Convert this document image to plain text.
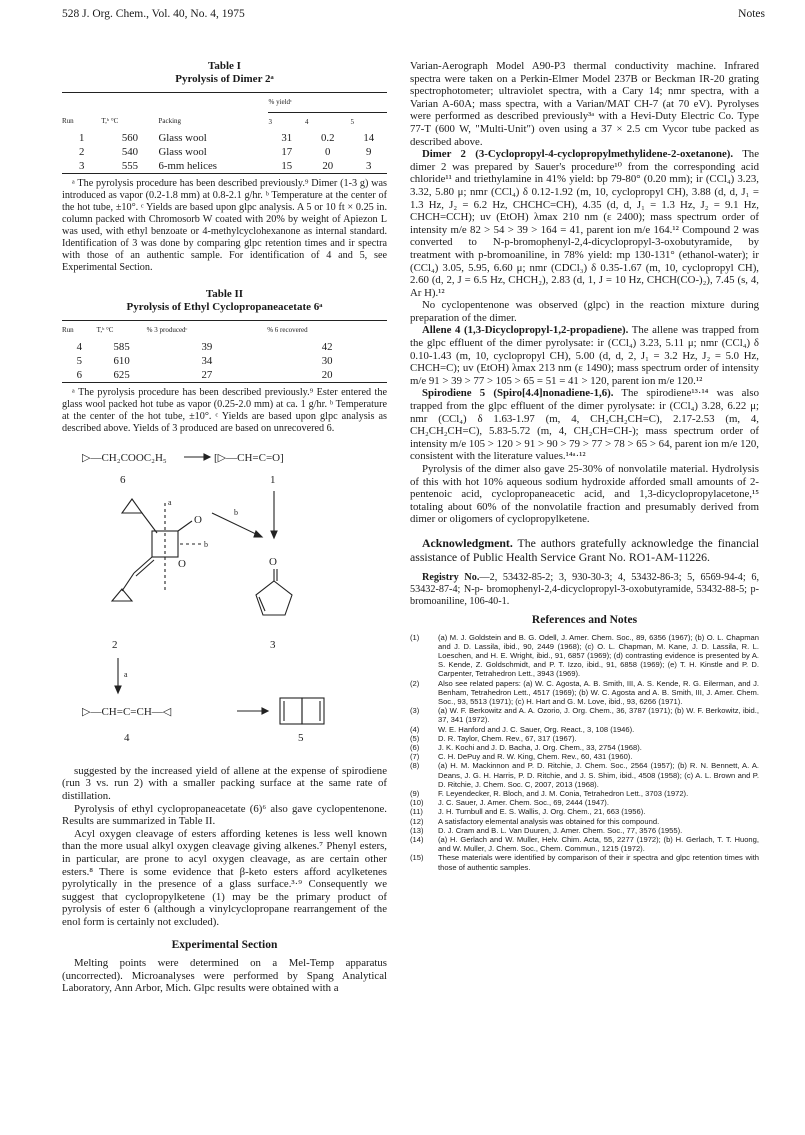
528 J. Org. Chem., Vol. 40, No. 4, 1975	Notes

Table I

Pyrolysis of Dimer 2ᵃ

			% yieldᶜ		
Run	T,ᵇ °C	Packing	3	4	5
1	560	Glass wool	31	0.2	14
2	540	Glass wool	17	0	9
3	555	6-mm helices	15	20	3

ᵃ The pyrolysis procedure has been described previously.⁹ Dimer (1-3 g) was introduced as vapor (0.2-1.8 mm) at 0.8-2.1 g/hr. ᵇ Temperature at the center of the hot tube, ±10°. ᶜ Yields are based upon glpc analysis. A 5 or 10 ft × 0.25 in. column packed with Chromosorb W coated with 20% by weight of Apiezon L was used, with ethyl benzoate or 4-methylcyclohexanone as internal standard. Identification of 3 was done by comparing glpc retention times and ir spectra with those of an authentic sample. For identification of 4 and 5, see Experimental Section.

Table II

Pyrolysis of Ethyl Cyclopropaneacetate 6ᵃ

Run	T,ᵇ °C	% 3 producedᶜ	% 6 recovered
4	585	39	42
5	610	34	30
6	625	27	20

ᵃ The pyrolysis procedure has been described previously.⁹ Ester entered the glass wool packed hot tube as vapor (0.25-2.0 mm) at ca. 1 g/hr. ᵇ Temperature at the center of the hot tube, ±10°. ᶜ Yields are based upon glpc analysis as described above. Yields of 3 produced are based on unrecovered 6.

▷—CH₂COOC₂H₅	[▷—CH=C=O]
6	1
O
O
a
b
b
O
2	3
a
▷—CH=C=CH—◁
4	5

suggested by the increased yield of allene at the expense of spirodiene (run 3 vs. run 2) with a smaller packing surface at the same rate of distillation.

Pyrolysis of ethyl cyclopropaneacetate (6)⁶ also gave cyclopentenone. Results are summarized in Table II.

Acyl oxygen cleavage of esters affording ketenes is less well known than the more usual alkyl oxygen cleavage giving alkenes.⁷ Phenyl esters, in particular, are prone to acyl oxygen cleavage, as are certain other esters.⁸ There is some evidence that β-keto esters afford acylketenes pyrolytically in the presence of a glass surface.³·⁹ Consequently we suggest that cyclopropylketene (1) may be the primary product of pyrolysis of ester 6 (although a vinylcyclopropane rearrangement of the enol form is certainly not excluded).

Experimental Section

Melting points were determined on a Mel-Temp apparatus (uncorrected). Microanalyses were performed by Spang Analytical Laboratory, Ann Arbor, Mich. Glpc results were obtained with a

Varian-Aerograph Model A90-P3 thermal conductivity machine. Infrared spectra were taken on a Perkin-Elmer Model 237B or Beckman IR-20 grating spectrophotometer; ultraviolet spectra, with a Cary 14; nmr spectra, with a Varian A-60A; mass spectra, with a Varian/MAT CH-7 (at 70 eV). Pyrolyses were performed as described previously³ᵃ with a Hevi-Duty Electric Co. Type 77-T (600 W, "Multi-Unit") oven using a 37 × 2.5 cm Vycor tube packed as described above.

Dimer 2 (3-Cyclopropyl-4-cyclopropylmethylidene-2-oxetanone). The dimer 2 was prepared by Sauer's procedure¹⁰ from the corresponding acid chloride¹¹ and triethylamine in 41% yield: bp 79-80° (0.20 mm); ir (CCl₄) 3.23, 3.32, 5.80 μ; nmr (CCl₄) δ 0.12-1.92 (m, 10, cyclopropyl CH), 3.88 (d, d, J₁ = 1.3 Hz, J₂ = 6.2 Hz, CHCHC=CH), 4.35 (d, d, J₁ = 1.3 Hz, J₂ = 9.1 Hz, CHCH=CCH); uv (EtOH) λmax 210 nm (ε 2400); mass spectrum order of intensity m/e 82 > 54 > 39 > 164 = 41, parent ion m/e 164.¹² Compound 2 was converted to N-p-bromophenyl-2,4-dicyclopropyl-3-oxobutyramide, by treatment with p-bromoaniline, in 78% yield: mp 130-131° (ethanol-water); ir (CCl₄) 3.05, 5.95, 6.60 μ; nmr (CDCl₃) δ 0.35-1.67 (m, 10, cyclopropyl CH), 2.60 (d, 2, J = 6.5 Hz, CHCH₂), 2.83 (d, 1, J = 10 Hz, CHCH(CO-)₂), 7.45 (s, 4, Ar H).¹²

No cyclopentenone was observed (glpc) in the reaction mixture during preparation of the dimer.

Allene 4 (1,3-Dicyclopropyl-1,2-propadiene). The allene was trapped from the glpc effluent of the dimer pyrolysate: ir (CCl₄) 3.23, 5.11 μ; nmr (CCl₄) δ 0.10-1.43 (m, 10, cyclopropyl CH), 5.00 (d, d, 2, J₁ = 3.2 Hz, J₂ = 5.0 Hz, CHCH=C); uv (EtOH) λmax 213 nm (ε 1490); mass spectrum order of intensity m/e 91 > 39 > 77 > 105 > 65 = 51 = 41 > 120, parent ion m/e 120.¹²

Spirodiene 5 (Spiro[4.4]nonadiene-1,6). The spirodiene¹³·¹⁴ was also trapped from the glpc effluent of the dimer pyrolysate: ir (CCl₄) 3.28, 6.22 μ; nmr (CCl₄) δ 1.63-1.97 (m, 4, CH₂CH₂CH=C), 2.17-2.53 (m, 4, CH₂CH₂CH=C), 5.83-5.72 (m, 4, CH₂CH=CH-); mass spectrum order of intensity m/e 105 > 120 > 91 > 90 > 79 > 77 > 78 > 65 > 64, parent ion m/e 120, consistent with the literature values.¹⁴ᵃ·¹²

Pyrolysis of the dimer also gave 25-30% of nonvolatile material. Hydrolysis of this with hot 10% aqueous sodium hydroxide afforded small amounts of 2-pentenoic acid, cyclopropaneacetic acid, and 1,3-dicyclopropylacetone,¹⁵ totaling about 60% of the nonvolatile fraction and presumably derived from dimer or oligomers of cyclopropylketene.

Acknowledgment. The authors gratefully acknowledge the financial assistance of Public Health Service Grant No. RO1-AM-11226.

Registry No.—2, 53432-85-2; 3, 930-30-3; 4, 53432-86-3; 5, 6569-94-4; 6, 53432-87-4; N-p- bromophenyl-2,4-dicyclopropyl-3-oxobutyramide, 53432-88-5; p- bromoaniline, 106-40-1.

References and Notes

(1) (a) M. J. Goldstein and B. G. Odell, J. Amer. Chem. Soc., 89, 6356 (1967); (b) O. L. Chapman and J. D. Lassila, ibid., 90, 2449 (1968); (c) O. L. Chapman, M. Kane, J. D. Lassila, R. L. Loeschen, and H. E. Wright, ibid., 91, 6857 (1969); (d) contrasting evidence is presented by A. S. Kende, Z. Goldschmidt, and P. T. Izzo, ibid., 91, 6858 (1969); (e) T. H. Kinstle and P. D. Carpenter, Tetrahedron Lett., 3943 (1969).

(2) Also see related papers: (a) W. C. Agosta, A. B. Smith, III, A. S. Kende, R. G. Eilerman, and J. Benham, Tetrahedron Lett., 4517 (1969); (b) W. C. Agosta and A. B. Smith, III, J. Amer. Chem. Soc., 93, 5513 (1971); (c) H. Hart and G. M. Love, ibid., 93, 6266 (1971).

(3) (a) W. F. Berkowitz and A. A. Ozorio, J. Org. Chem., 36, 3787 (1971); (b) W. F. Berkowitz, ibid., 37, 341 (1972).

(4) W. E. Hanford and J. C. Sauer, Org. React., 3, 108 (1946).

(5) D. R. Taylor, Chem. Rev., 67, 317 (1967).

(6) J. K. Kochi and J. D. Bacha, J. Org. Chem., 33, 2754 (1968).

(7) C. H. DePuy and R. W. King, Chem. Rev., 60, 431 (1960).

(8) (a) H. M. Mackinnon and P. D. Ritchie, J. Chem. Soc., 2564 (1957); (b) R. N. Bennett, A. A. Deans, J. G. H. Harris, P. D. Ritchie, and J. S. Shim, ibid., 4508 (1958); (c) A. L. Brown and P. D. Ritchie, J. Chem. Soc. C, 2007, 2013 (1968).

(9) F. Leyendecker, R. Bloch, and J. M. Conia, Tetrahedron Lett., 3703 (1972).

(10) J. C. Sauer, J. Amer. Chem. Soc., 69, 2444 (1947).

(11) J. H. Turnbull and E. S. Wallis, J. Org. Chem., 21, 663 (1956).

(12) A satisfactory elemental analysis was obtained for this compound.

(13) D. J. Cram and B. L. Van Duuren, J. Amer. Chem. Soc., 77, 3576 (1955).

(14) (a) H. Gerlach and W. Muller, Helv. Chim. Acta, 55, 2277 (1972); (b) H. Gerlach, T. T. Huong, and W. Muller, J. Chem. Soc., Chem. Commun., 1215 (1972).

(15) These materials were identified by comparison of their ir spectra and glpc retention times with those of authentic samples.
